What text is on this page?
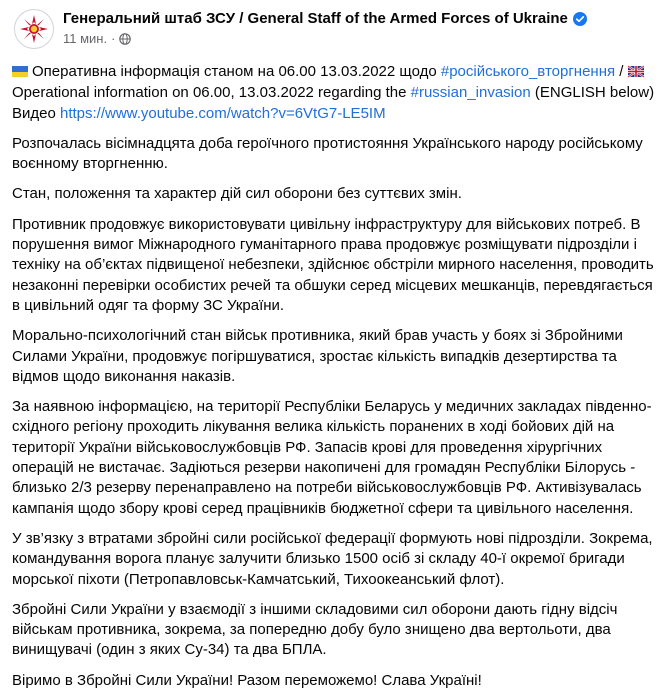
Генеральний штаб ЗСУ / General Staff of the Armed Forces of Ukraine
11 мин. ·

Оперативна інформація станом на 06.00 13.03.2022 щодо #російського_вторгнення /
Operational information on 06.00, 13.03.2022 regarding the #russian_invasion (ENGLISH below)
Видео https://www.youtube.com/watch?v=6VtG7-LE5IM

Розпочалась вісімнадцята доба героїчного протистояння Українського народу російському воєнному вторгненню.

Стан, положення та характер дій сил оборони без суттєвих змін.

Противник продовжує використовувати цивільну інфраструктуру для військових потреб. В порушення вимог Міжнародного гуманітарного права продовжує розміщувати підрозділи і техніку на об’єктах підвищеної небезпеки, здійснює обстріли мирного населення, проводить незаконні перевірки особистих речей та обшуки серед місцевих мешканців, перевдягається в цивільний одяг та форму ЗС України.

Морально-психологічний стан військ противника, який брав участь у боях зі Збройними Силами України, продовжує погіршуватися, зростає кількість випадків дезертирства та відмов щодо виконання наказів.

За наявною інформацією, на території Республіки Беларусь у медичних закладах південно-східного регіону проходить лікування велика кількість поранених в ході бойових дій на території України військовослужбовців РФ. Запасів крові для проведення хірургічних операцій не вистачає. Задіються резерви накопичені для громадян Республіки Білорусь - близько 2/3 резерву перенаправлено на потреби військовослужбовців РФ. Активізувалась кампанія щодо збору крові серед працівників бюджетної сфери та цивільного населення.

У зв’язку з втратами збройні сили російської федерації формують нові підрозділи. Зокрема, командування ворога планує залучити близько 1500 осіб зі складу 40-ї окремої бригади морської піхоти (Петропавловськ-Камчатський, Тихоокеанський флот).

Збройні Сили України у взаємодії з іншими складовими сил оборони дають гідну відсіч військам противника, зокрема, за попередню добу було знищено два вертольоти, два винищувачі (один з яких Су-34) та два БПЛА.

Віримо в Збройні Сили України! Разом переможемо! Слава Україні!
